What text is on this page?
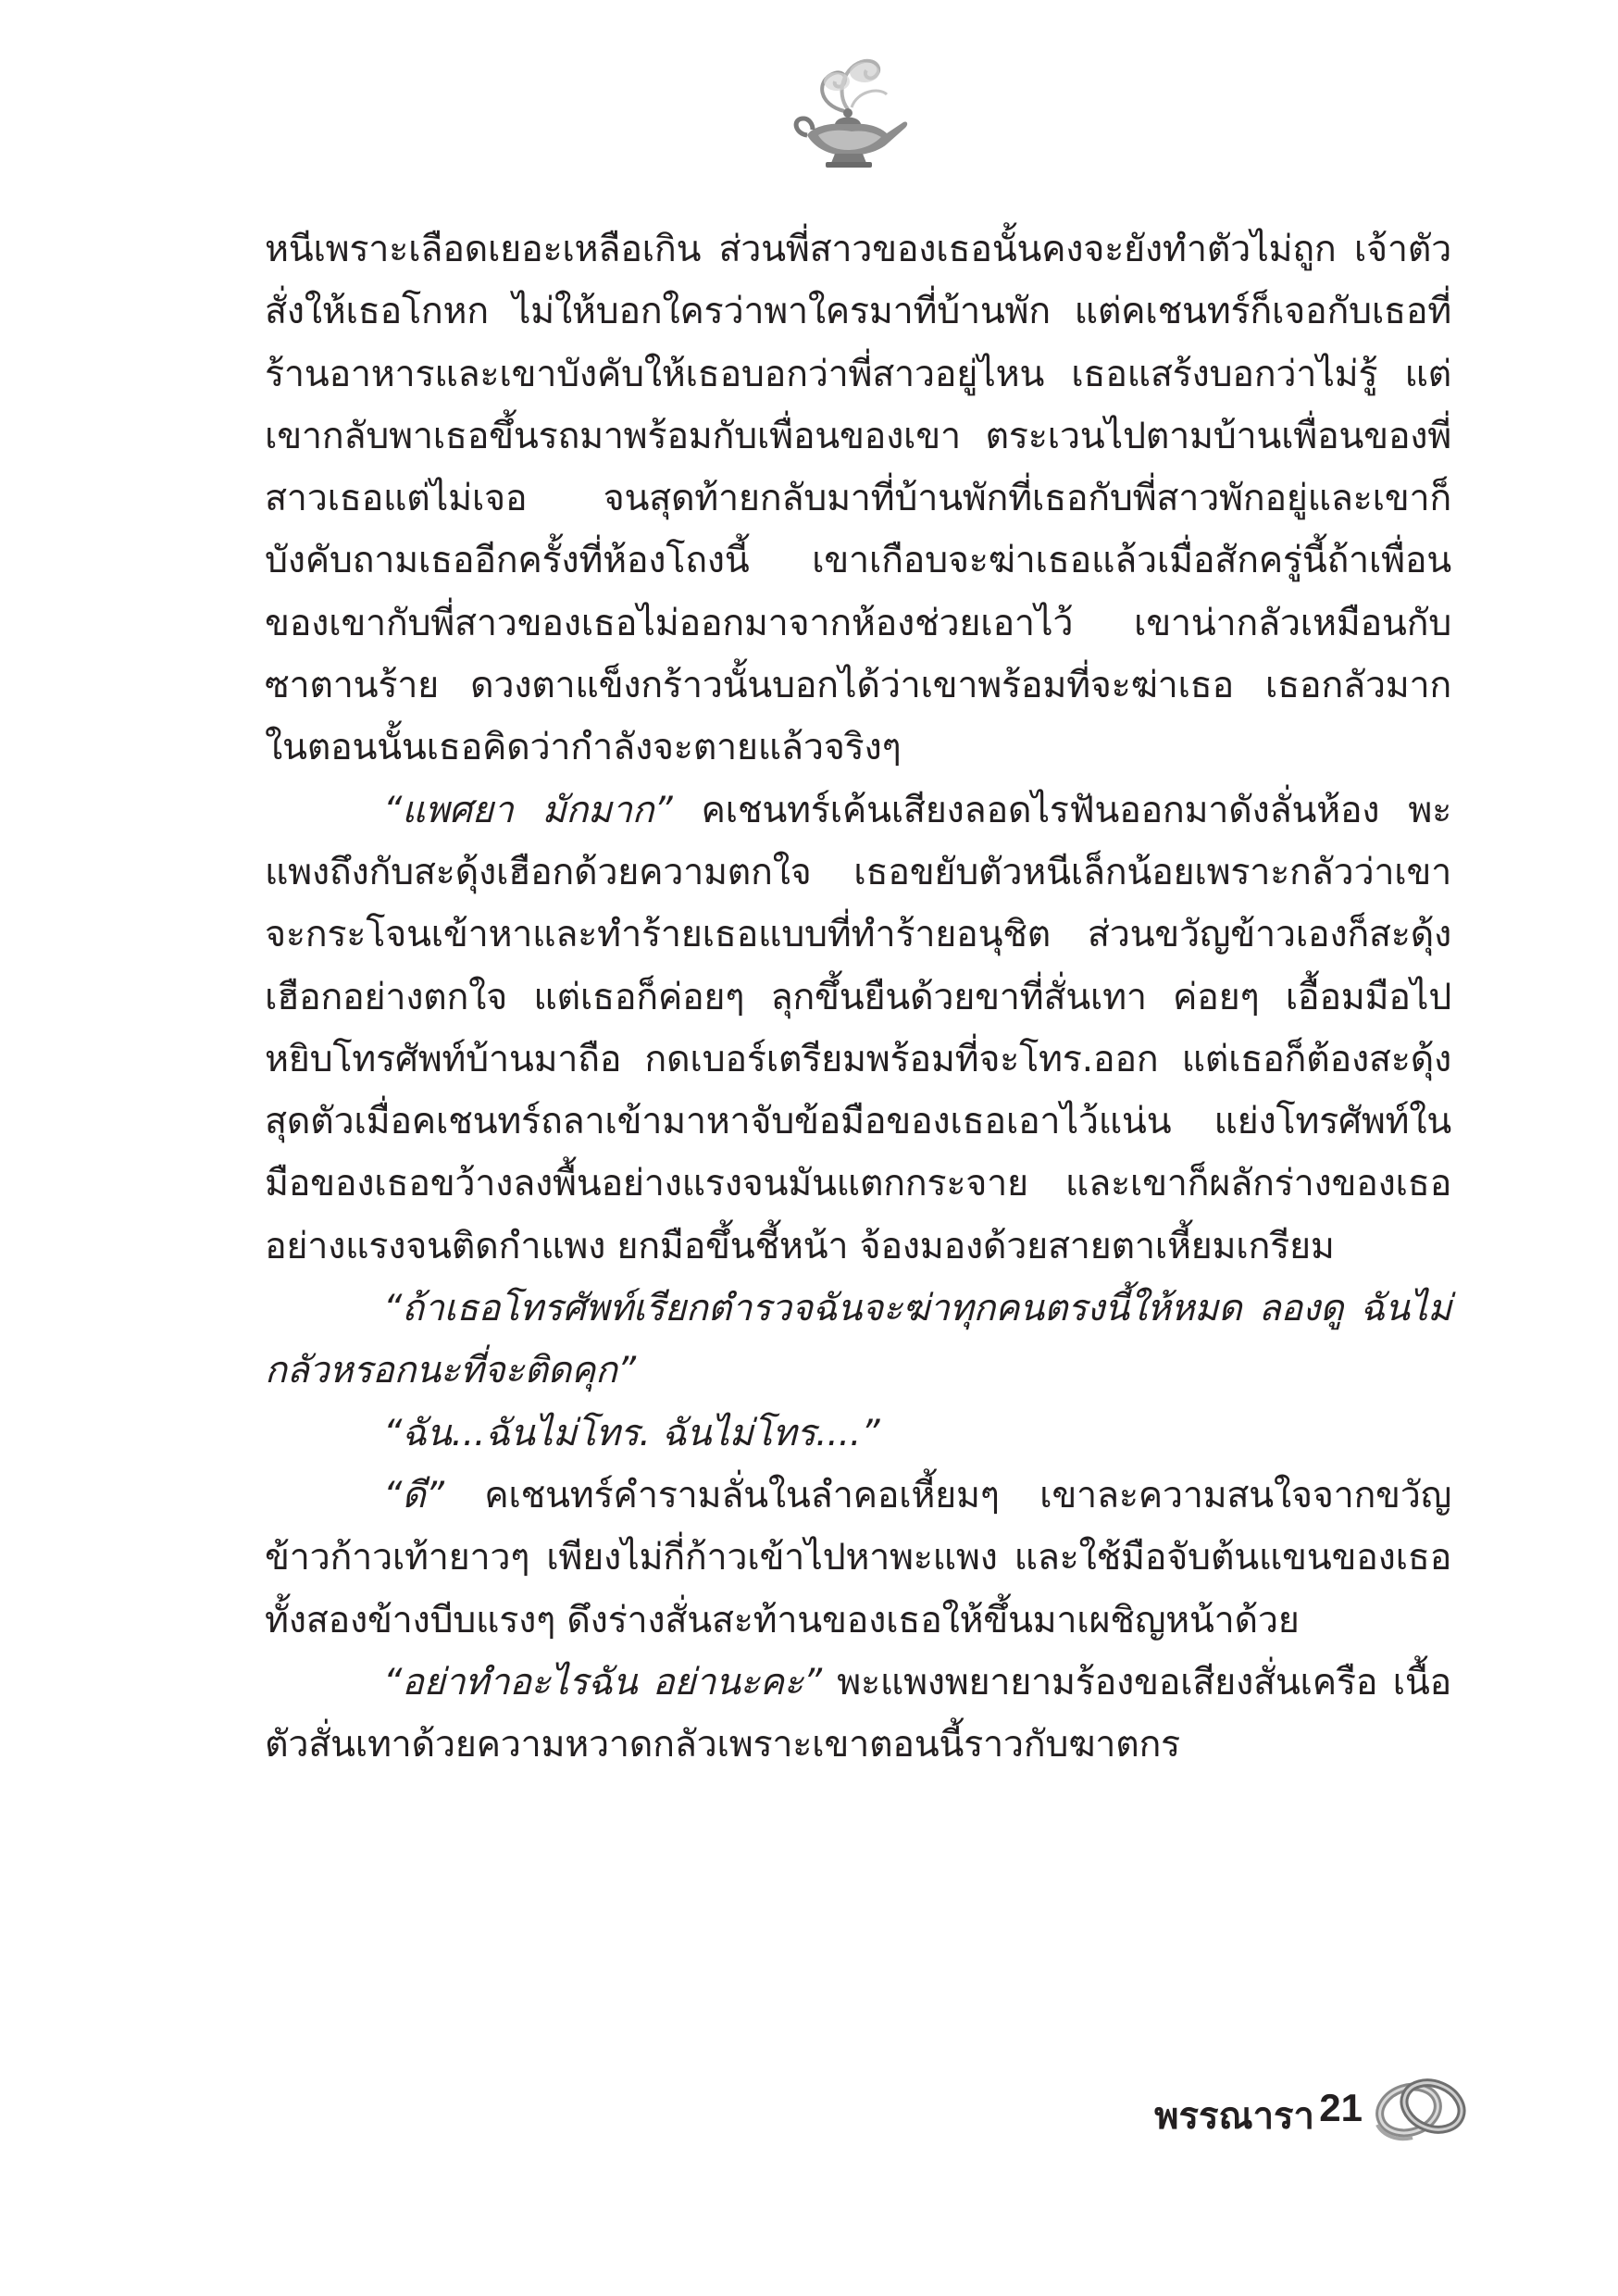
หนีเพราะเลือดเยอะเหลือเกิน ส่วนพี่สาวของเธอนั้นคงจะยังทำตัวไม่ถูก เจ้าตัวสั่งให้เธอโกหก ไม่ให้บอกใครว่าพาใครมาที่บ้านพัก แต่คเชนทร์ก็เจอกับเธอที่ร้านอาหารและเขาบังคับให้เธอบอกว่าพี่สาวอยู่ไหน เธอแสร้งบอกว่าไม่รู้ แต่เขากลับพาเธอขึ้นรถมาพร้อมกับเพื่อนของเขา ตระเวนไปตามบ้านเพื่อนของพี่สาวเธอแต่ไม่เจอ จนสุดท้ายกลับมาที่บ้านพักที่เธอกับพี่สาวพักอยู่และเขาก็บังคับถามเธออีกครั้งที่ห้องโถงนี้ เขาเกือบจะฆ่าเธอแล้วเมื่อสักครู่นี้ถ้าเพื่อนของเขากับพี่สาวของเธอไม่ออกมาจากห้องช่วยเอาไว้ เขาน่ากลัวเหมือนกับซาตานร้าย ดวงตาแข็งกร้าวนั้นบอกได้ว่าเขาพร้อมที่จะฆ่าเธอ เธอกลัวมาก ในตอนนั้นเธอคิดว่ากำลังจะตายแล้วจริงๆ

“แพศยา มักมาก” คเชนทร์เค้นเสียงลอดไรฟันออกมาดังลั่นห้อง พะแพงถึงกับสะดุ้งเฮือกด้วยความตกใจ เธอขยับตัวหนีเล็กน้อยเพราะกลัวว่าเขาจะกระโจนเข้าหาและทำร้ายเธอแบบที่ทำร้ายอนุชิต ส่วนขวัญข้าวเองก็สะดุ้งเฮือกอย่างตกใจ แต่เธอก็ค่อยๆ ลุกขึ้นยืนด้วยขาที่สั่นเทา ค่อยๆ เอื้อมมือไปหยิบโทรศัพท์บ้านมาถือ กดเบอร์เตรียมพร้อมที่จะโทร.ออก แต่เธอก็ต้องสะดุ้งสุดตัวเมื่อคเชนทร์ถลาเข้ามาหาจับข้อมือของเธอเอาไว้แน่น แย่งโทรศัพท์ในมือของเธอขว้างลงพื้นอย่างแรงจนมันแตกกระจาย และเขาก็ผลักร่างของเธออย่างแรงจนติดกำแพง ยกมือขึ้นชี้หน้า จ้องมองด้วยสายตาเหี้ยมเกรียม

“ถ้าเธอโทรศัพท์เรียกตำรวจฉันจะฆ่าทุกคนตรงนี้ให้หมด ลองดู ฉันไม่กลัวหรอกนะที่จะติดคุก”

“ฉัน...ฉันไม่โทร. ฉันไม่โทร....”

“ดี” คเชนทร์คำรามลั่นในลำคอเหี้ยมๆ เขาละความสนใจจากขวัญข้าวก้าวเท้ายาวๆ เพียงไม่กี่ก้าวเข้าไปหาพะแพง และใช้มือจับต้นแขนของเธอทั้งสองข้างบีบแรงๆ ดึงร่างสั่นสะท้านของเธอให้ขึ้นมาเผชิญหน้าด้วย

“อย่าทำอะไรฉัน อย่านะคะ” พะแพงพยายามร้องขอเสียงสั่นเครือ เนื้อตัวสั่นเทาด้วยความหวาดกลัวเพราะเขาตอนนี้ราวกับฆาตกร

พรรณารา 21
